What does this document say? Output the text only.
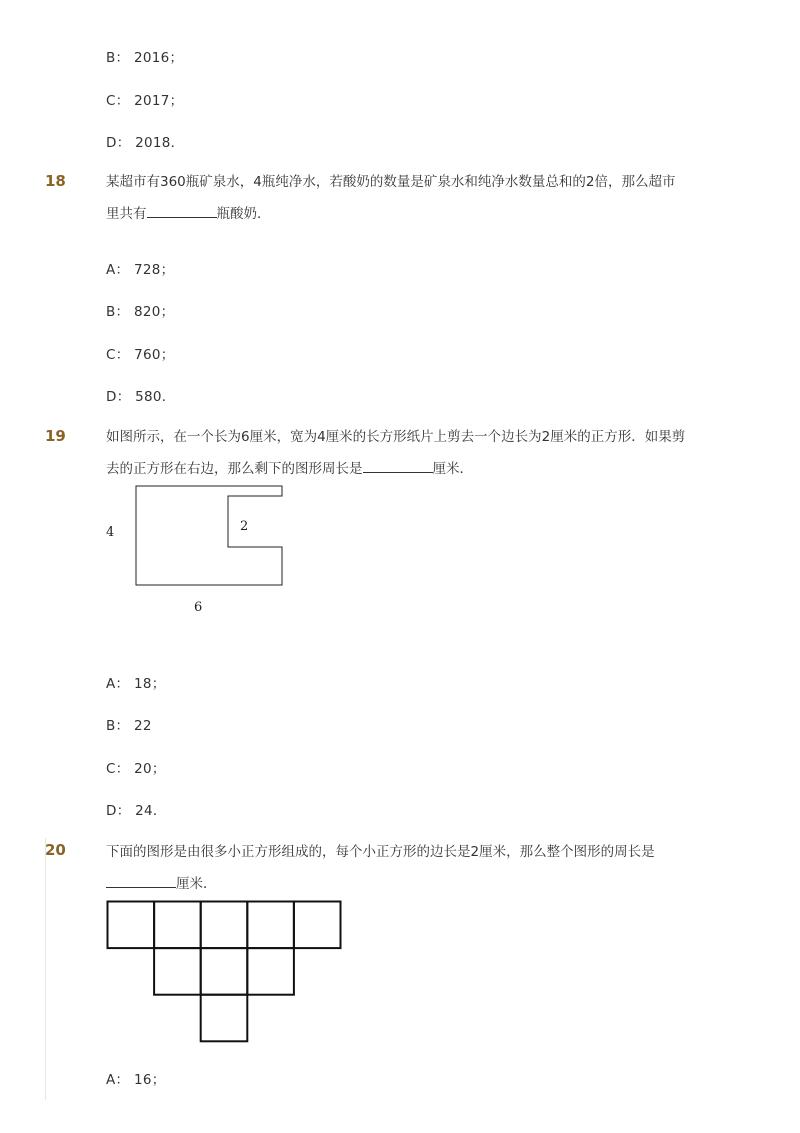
B： 2016；
C： 2017；
D： 2018．
18	某超市有360瓶矿泉水，4瓶纯净水，若酸奶的数量是矿泉水和纯净水数量总和的2倍，那么超市
里共有	瓶酸奶．
A： 728；
B： 820；
C： 760；
D： 580．
19	如图所示，在一个长为6厘米，宽为4厘米的长方形纸片上剪去一个边长为2厘米的正方形．如果剪
去的正方形在右边，那么剩下的图形周长是	厘米．
4	2
6
A： 18；
B： 22
C： 20；
D： 24．
20	下面的图形是由很多小正方形组成的，每个小正方形的边长是2厘米，那么整个图形的周长是
厘米．
A： 16；
